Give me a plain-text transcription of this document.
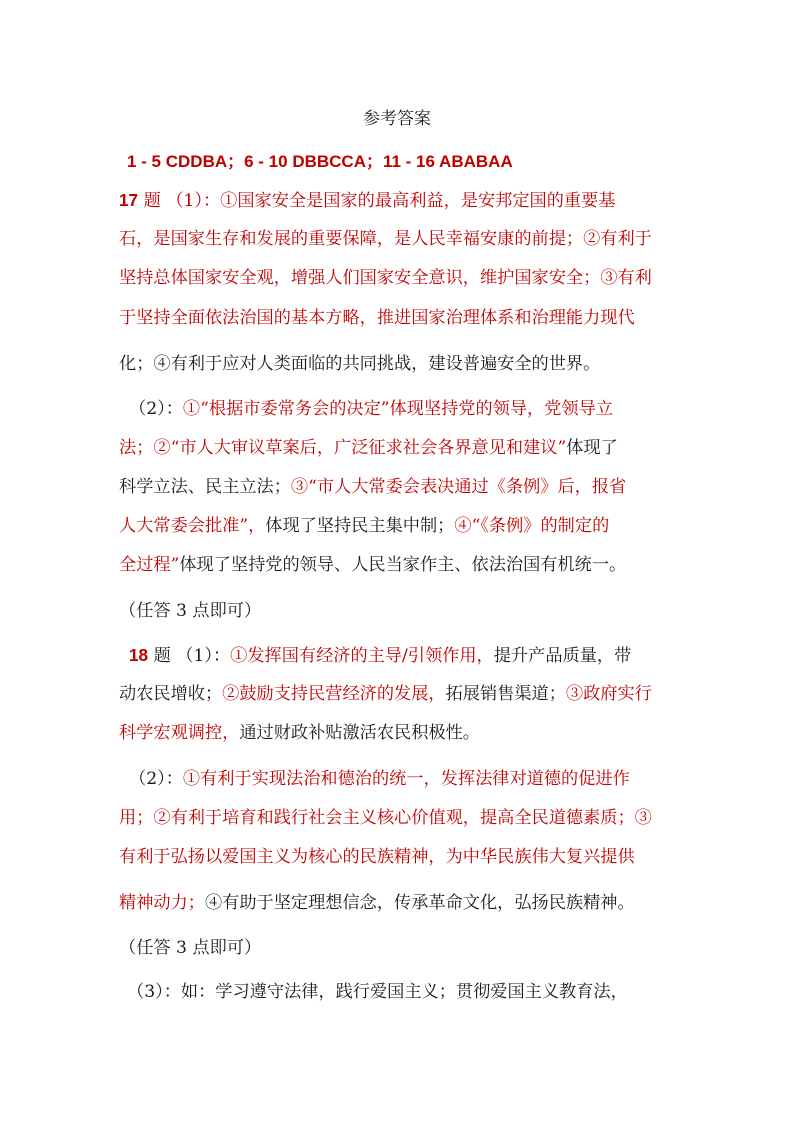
参考答案
1 - 5 CDDBA；6 - 10 DBBCCA；11 - 16 ABABAA
17 题 （1）：①国家安全是国家的最高利益，是安邦定国的重要基
石，是国家生存和发展的重要保障，是人民幸福安康的前提；②有利于
坚持总体国家安全观，增强人们国家安全意识，维护国家安全；③有利
于坚持全面依法治国的基本方略，推进国家治理体系和治理能力现代
化；④有利于应对人类面临的共同挑战，建设普遍安全的世界。
（2）：①“根据市委常务会的决定”体现坚持党的领导，党领导立
法；②“市人大审议草案后，广泛征求社会各界意见和建议”体现了
科学立法、民主立法；③“市人大常委会表决通过《条例》后，报省
人大常委会批准”，体现了坚持民主集中制；④“《条例》的制定的
全过程”体现了坚持党的领导、人民当家作主、依法治国有机统一。
（任答 3 点即可）
18 题 （1）：①发挥国有经济的主导/引领作用，提升产品质量，带
动农民增收；②鼓励支持民营经济的发展，拓展销售渠道；③政府实行
科学宏观调控，通过财政补贴激活农民积极性。
（2）：①有利于实现法治和德治的统一，发挥法律对道德的促进作
用；②有利于培育和践行社会主义核心价值观，提高全民道德素质；③
有利于弘扬以爱国主义为核心的民族精神，为中华民族伟大复兴提供
精神动力；④有助于坚定理想信念，传承革命文化，弘扬民族精神。
（任答 3 点即可）
（3）：如：学习遵守法律，践行爱国主义；贯彻爱国主义教育法，
